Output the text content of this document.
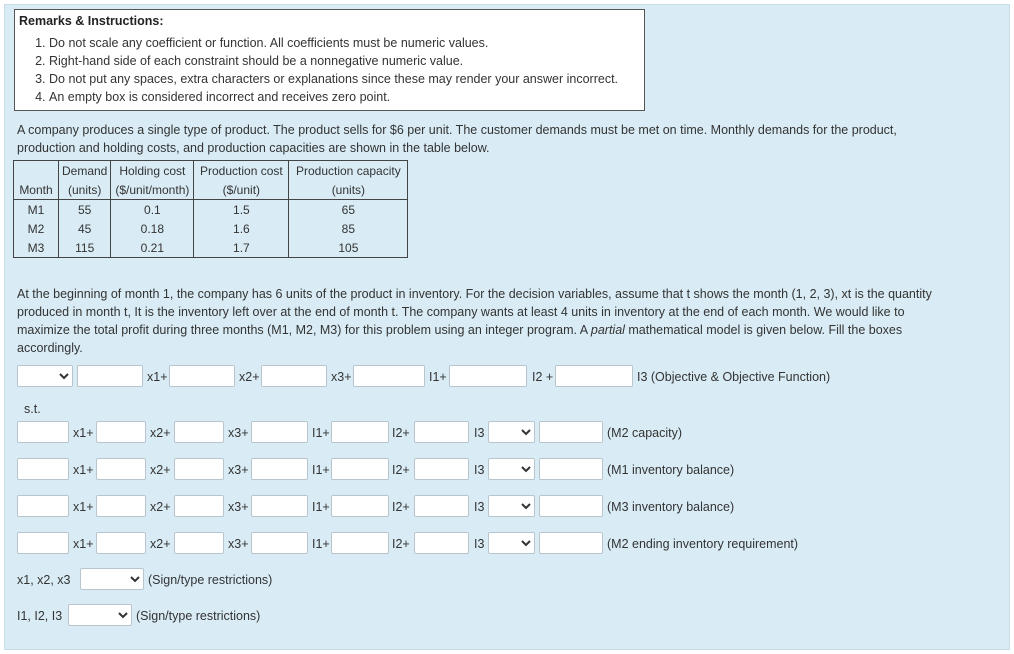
Remarks & Instructions:
1. Do not scale any coefficient or function. All coefficients must be numeric values.
2. Right-hand side of each constraint should be a nonnegative numeric value.
3. Do not put any spaces, extra characters or explanations since these may render your answer incorrect.
4. An empty box is considered incorrect and receives zero point.
A company produces a single type of product. The product sells for $6 per unit. The customer demands must be met on time. Monthly demands for the product,
production and holding costs, and production capacities are shown in the table below.
	Demand	Holding cost	Production cost	Production capacity
Month	(units)	($/unit/month)	($/unit)	(units)
M1	55	0.1	1.5	65
M2	45	0.18	1.6	85
M3	115	0.21	1.7	105
At the beginning of month 1, the company has 6 units of the product in inventory. For the decision variables, assume that t shows the month (1, 2, 3), xt is the quantity
produced in month t, It is the inventory left over at the end of month t. The company wants at least 4 units in inventory at the end of each month. We would like to
maximize the total profit during three months (M1, M2, M3) for this problem using an integer program. A partial mathematical model is given below. Fill the boxes
accordingly.
x1+	x2+	x3+	I1+	I2 +	I3 (Objective & Objective Function)
s.t.
x1, x2, x3	(Sign/type restrictions)
I1, I2, I3	(Sign/type restrictions)
x1+	x2+	x3+	I1+	I2+	I3	(M2 capacity)
x1+	x2+	x3+	I1+	I2+	I3	(M1 inventory balance)
x1+	x2+	x3+	I1+	I2+	I3	(M3 inventory balance)
x1+	x2+	x3+	I1+	I2+	I3	(M2 ending inventory requirement)
